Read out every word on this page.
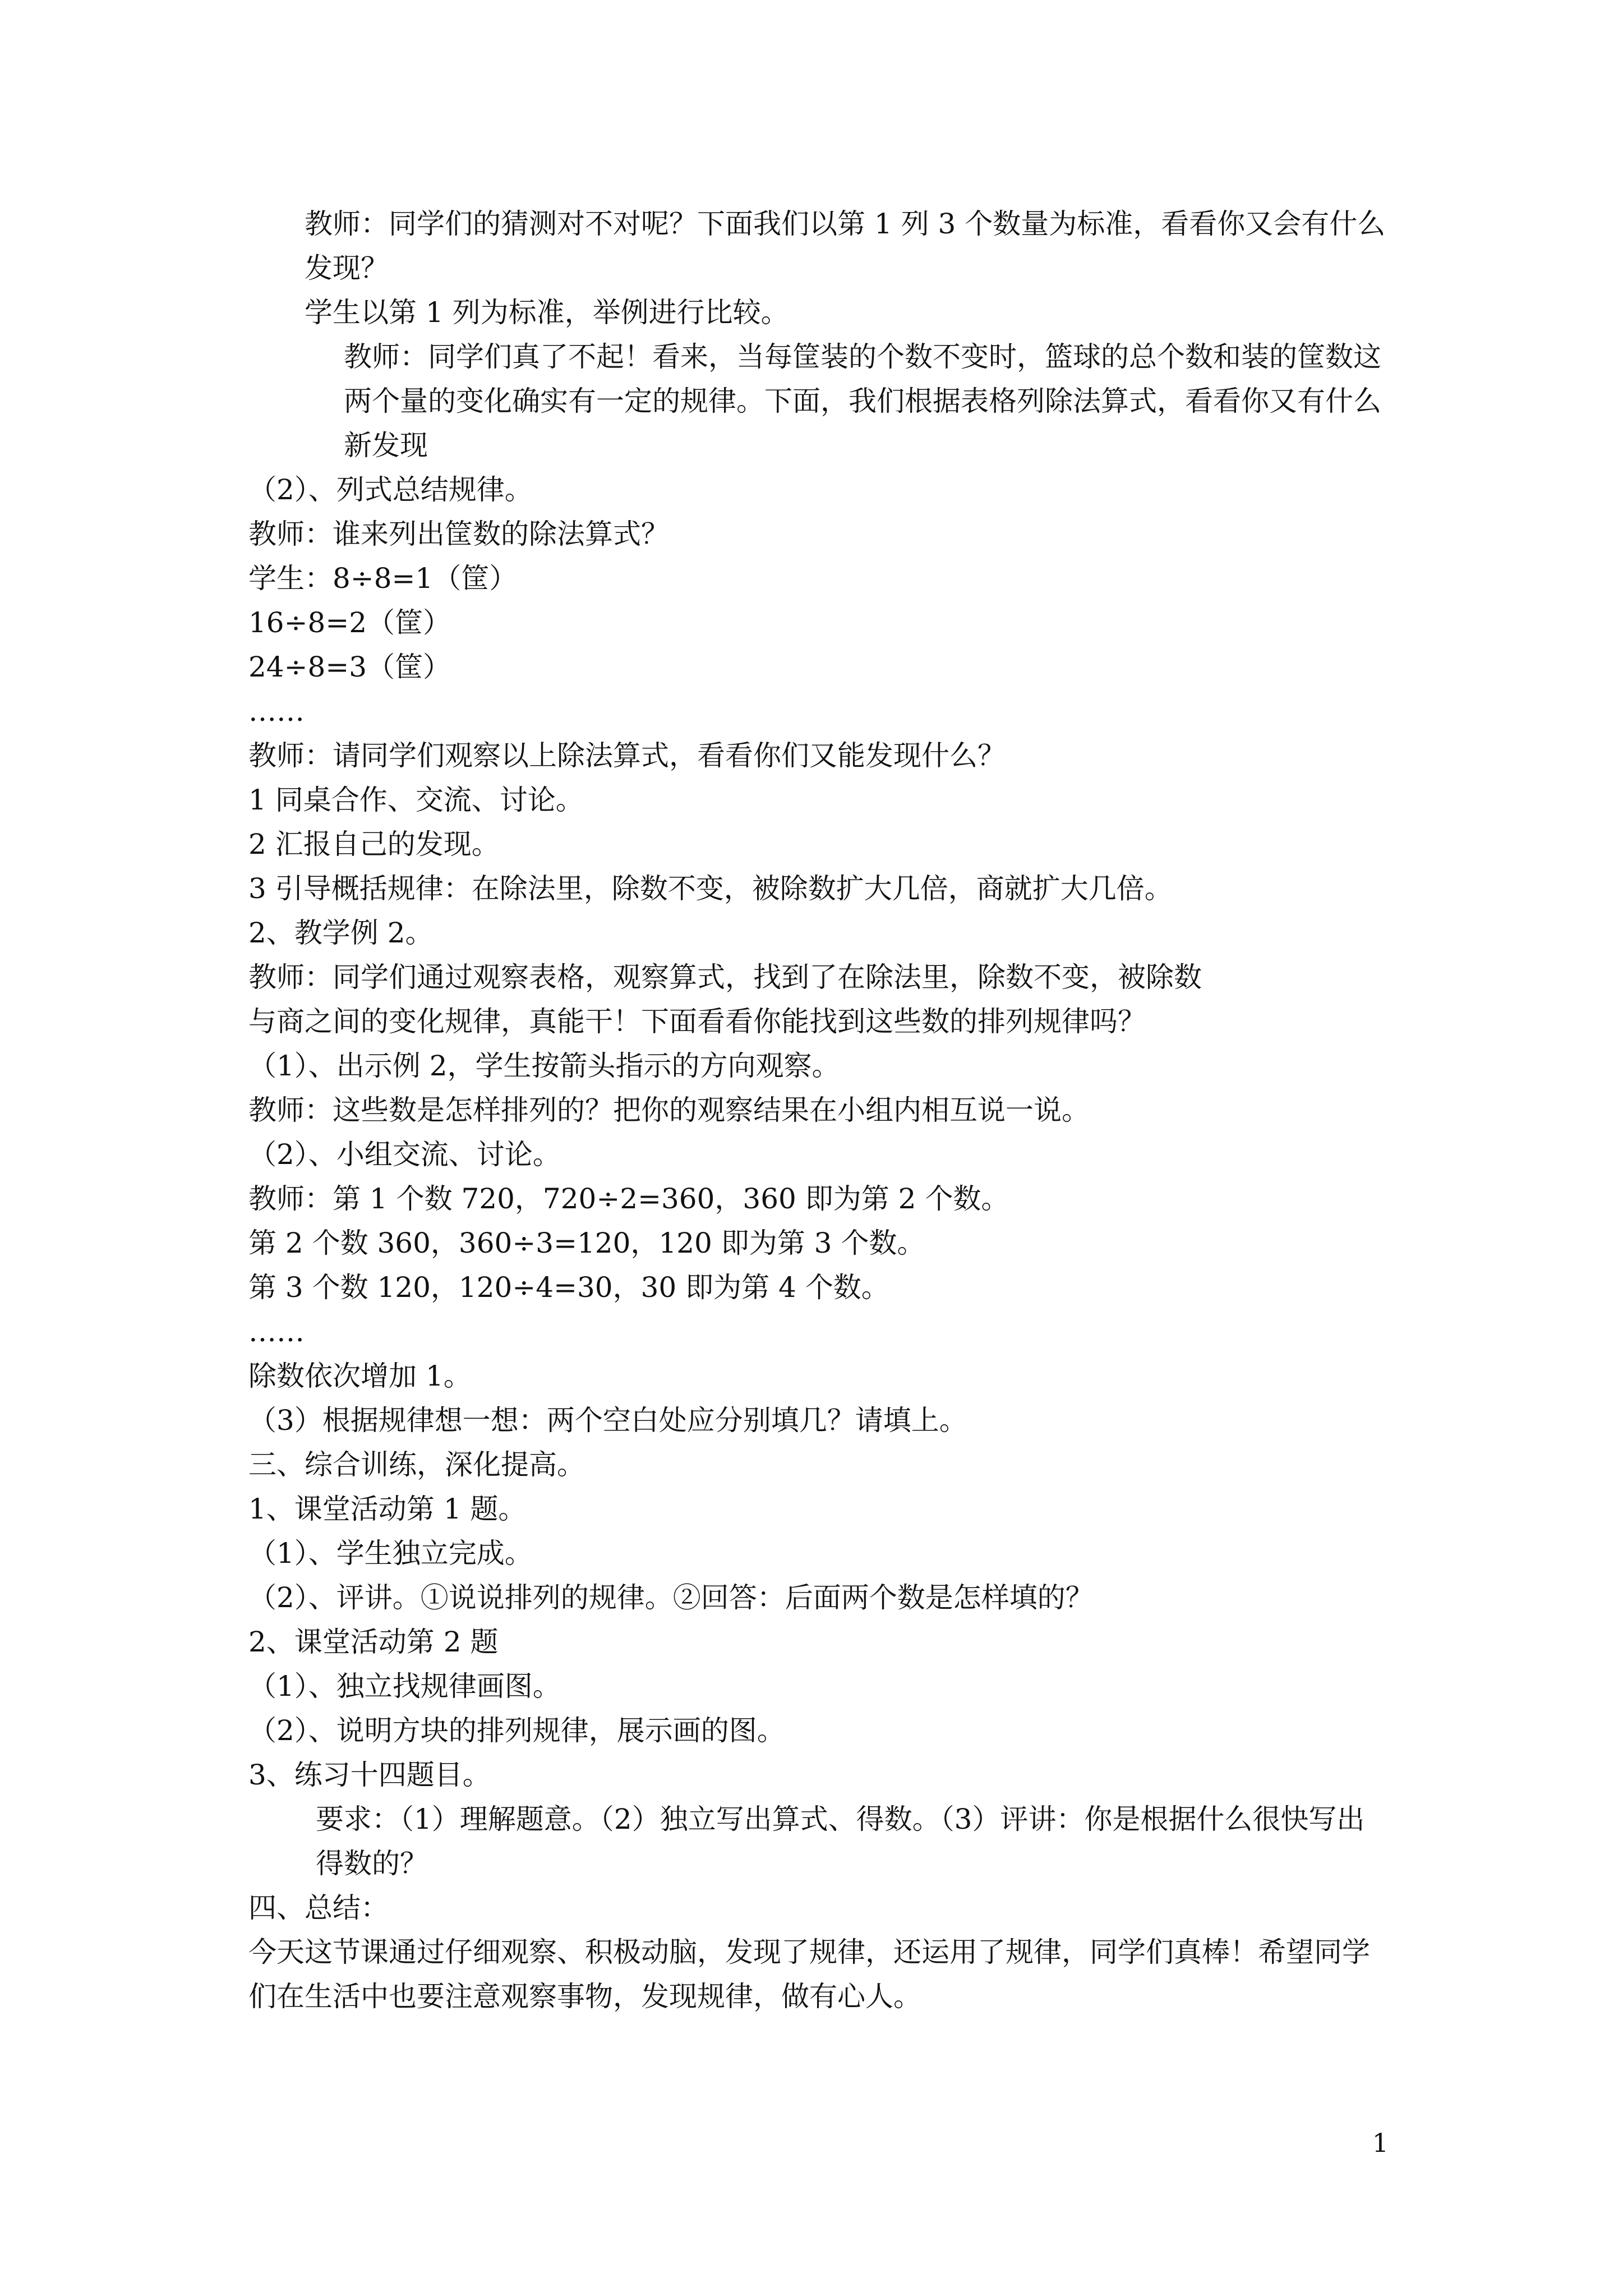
教师：同学们的猜测对不对呢？下面我们以第 1 列 3 个数量为标准，看看你又会有什么发现？
学生以第 1 列为标准，举例进行比较。
教师：同学们真了不起！看来，当每筐装的个数不变时，篮球的总个数和装的筐数这两个量的变化确实有一定的规律。下面，我们根据表格列除法算式，看看你又有什么新发现
（2）、列式总结规律。
教师：谁来列出筐数的除法算式？
学生：8÷8=1（筐）
16÷8=2（筐）
24÷8=3（筐）
……
教师：请同学们观察以上除法算式，看看你们又能发现什么？
1 同桌合作、交流、讨论。
2 汇报自己的发现。
3 引导概括规律：在除法里，除数不变，被除数扩大几倍，商就扩大几倍。
2、教学例 2。
教师：同学们通过观察表格，观察算式，找到了在除法里，除数不变，被除数
与商之间的变化规律，真能干！下面看看你能找到这些数的排列规律吗？
（1）、出示例 2，学生按箭头指示的方向观察。
教师：这些数是怎样排列的？把你的观察结果在小组内相互说一说。
（2）、小组交流、讨论。
教师：第 1 个数 720，720÷2=360，360 即为第 2 个数。
第 2 个数 360，360÷3=120，120 即为第 3 个数。
第 3 个数 120，120÷4=30，30 即为第 4 个数。
……
除数依次增加 1。
（3）根据规律想一想：两个空白处应分别填几？请填上。
三、综合训练，深化提高。
1、课堂活动第 1 题。
（1）、学生独立完成。
（2）、评讲。①说说排列的规律。②回答：后面两个数是怎样填的？
2、课堂活动第 2 题
（1）、独立找规律画图。
（2）、说明方块的排列规律，展示画的图。
3、练习十四题目。
要求：（1）理解题意。（2）独立写出算式、得数。（3）评讲：你是根据什么很快写出得数的？
四、总结：
今天这节课通过仔细观察、积极动脑，发现了规律，还运用了规律，同学们真棒！希望同学们在生活中也要注意观察事物，发现规律，做有心人。
1
